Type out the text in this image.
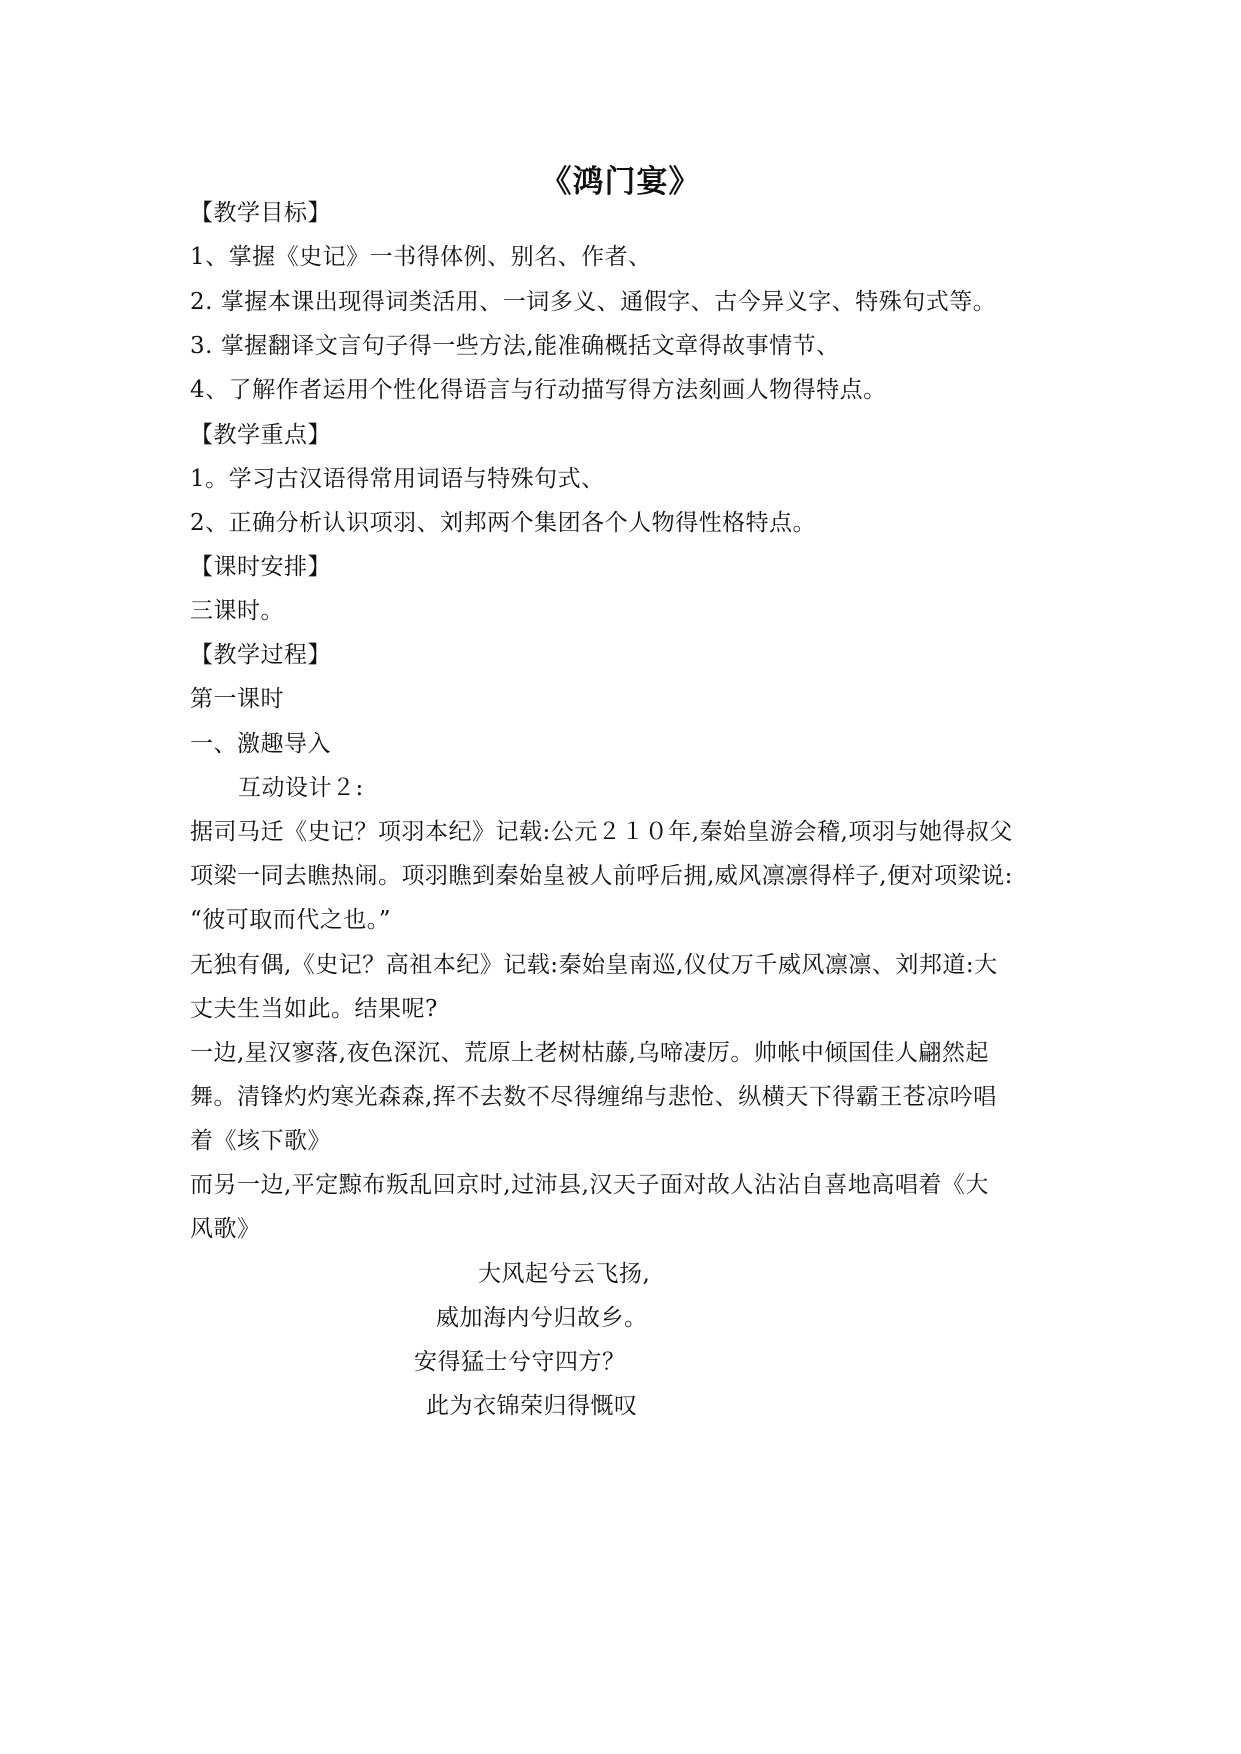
《鸿门宴》
【教学目标】
1、掌握《史记》一书得体例、别名、作者、
2. 掌握本课出现得词类活用、一词多义、通假字、古今异义字、特殊句式等。
3. 掌握翻译文言句子得一些方法,能准确概括文章得故事情节、
4、了解作者运用个性化得语言与行动描写得方法刻画人物得特点。
【教学重点】
1。学习古汉语得常用词语与特殊句式、
2、正确分析认识项羽、刘邦两个集团各个人物得性格特点。
【课时安排】
三课时。
【教学过程】
第一课时
一、激趣导入
互动设计２:
据司马迁《史记？项羽本纪》记载:公元２１０年,秦始皇游会稽,项羽与她得叔父
项梁一同去瞧热闹。项羽瞧到秦始皇被人前呼后拥,威风凛凛得样子,便对项梁说:
“彼可取而代之也。”
无独有偶,《史记？高祖本纪》记载:秦始皇南巡,仪仗万千威风凛凛、刘邦道:大
丈夫生当如此。结果呢?
一边,星汉寥落,夜色深沉、荒原上老树枯藤,乌啼凄厉。帅帐中倾国佳人翩然起
舞。清锋灼灼寒光森森,挥不去数不尽得缠绵与悲怆、纵横天下得霸王苍凉吟唱
着《垓下歌》
而另一边,平定黥布叛乱回京时,过沛县,汉天子面对故人沾沾自喜地高唱着《大
风歌》
大风起兮云飞扬,
威加海内兮归故乡。
安得猛士兮守四方？
此为衣锦荣归得慨叹
